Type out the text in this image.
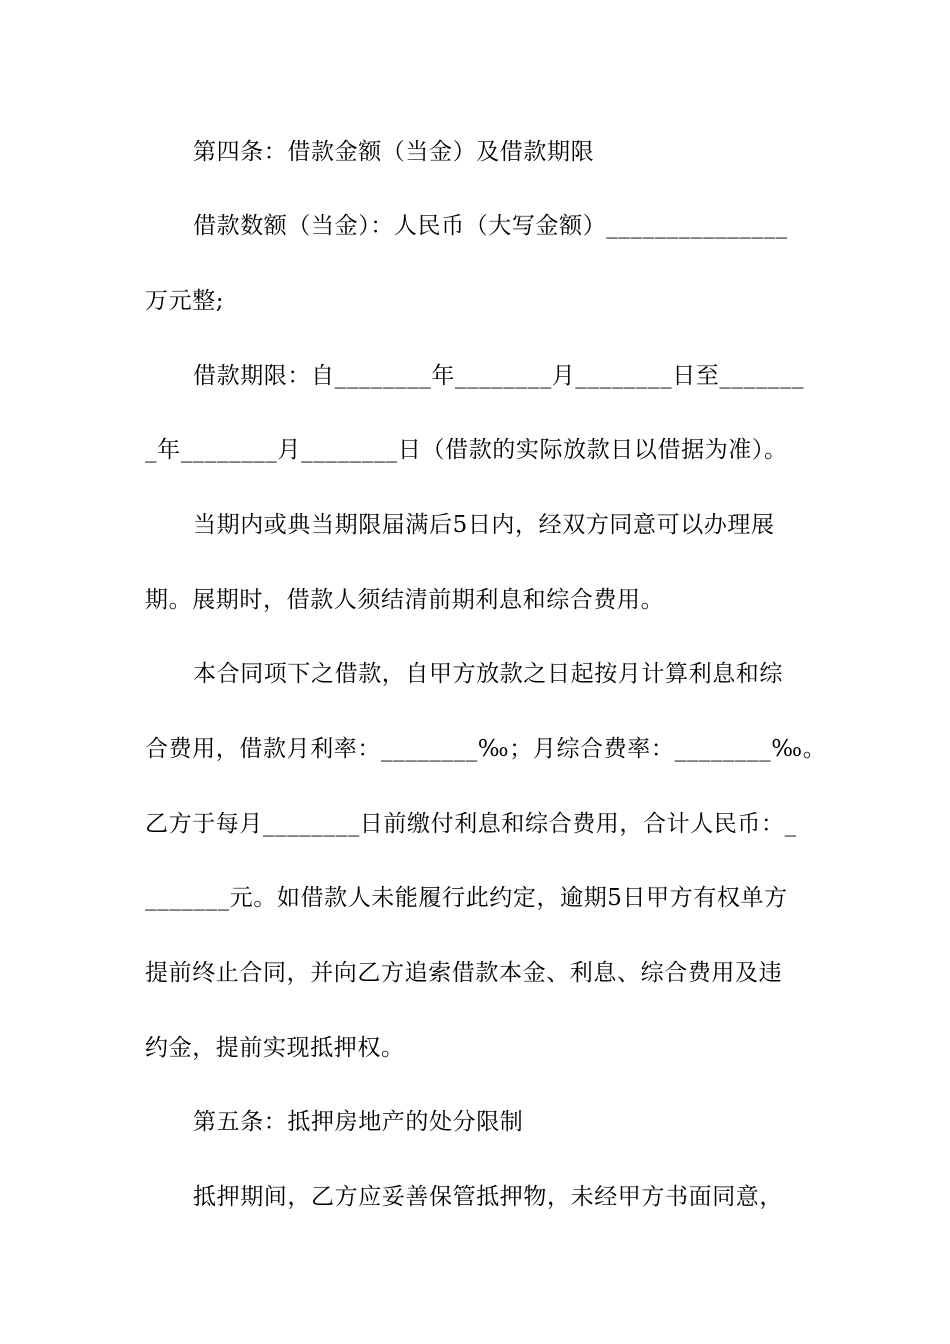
第四条：借款金额（当金）及借款期限
借款数额（当金）：人民币（大写金额）_______________
万元整;
借款期限：自________年________月________日至_______
_年________月________日（借款的实际放款日以借据为准）。
当期内或典当期限届满后5日内，经双方同意可以办理展
期。展期时，借款人须结清前期利息和综合费用。
本合同项下之借款，自甲方放款之日起按月计算利息和综
合费用，借款月利率：________‰；月综合费率：________‰。
乙方于每月________日前缴付利息和综合费用，合计人民币：_
_______元。如借款人未能履行此约定，逾期5日甲方有权单方
提前终止合同，并向乙方追索借款本金、利息、综合费用及违
约金，提前实现抵押权。
第五条：抵押房地产的处分限制
抵押期间，乙方应妥善保管抵押物，未经甲方书面同意，
